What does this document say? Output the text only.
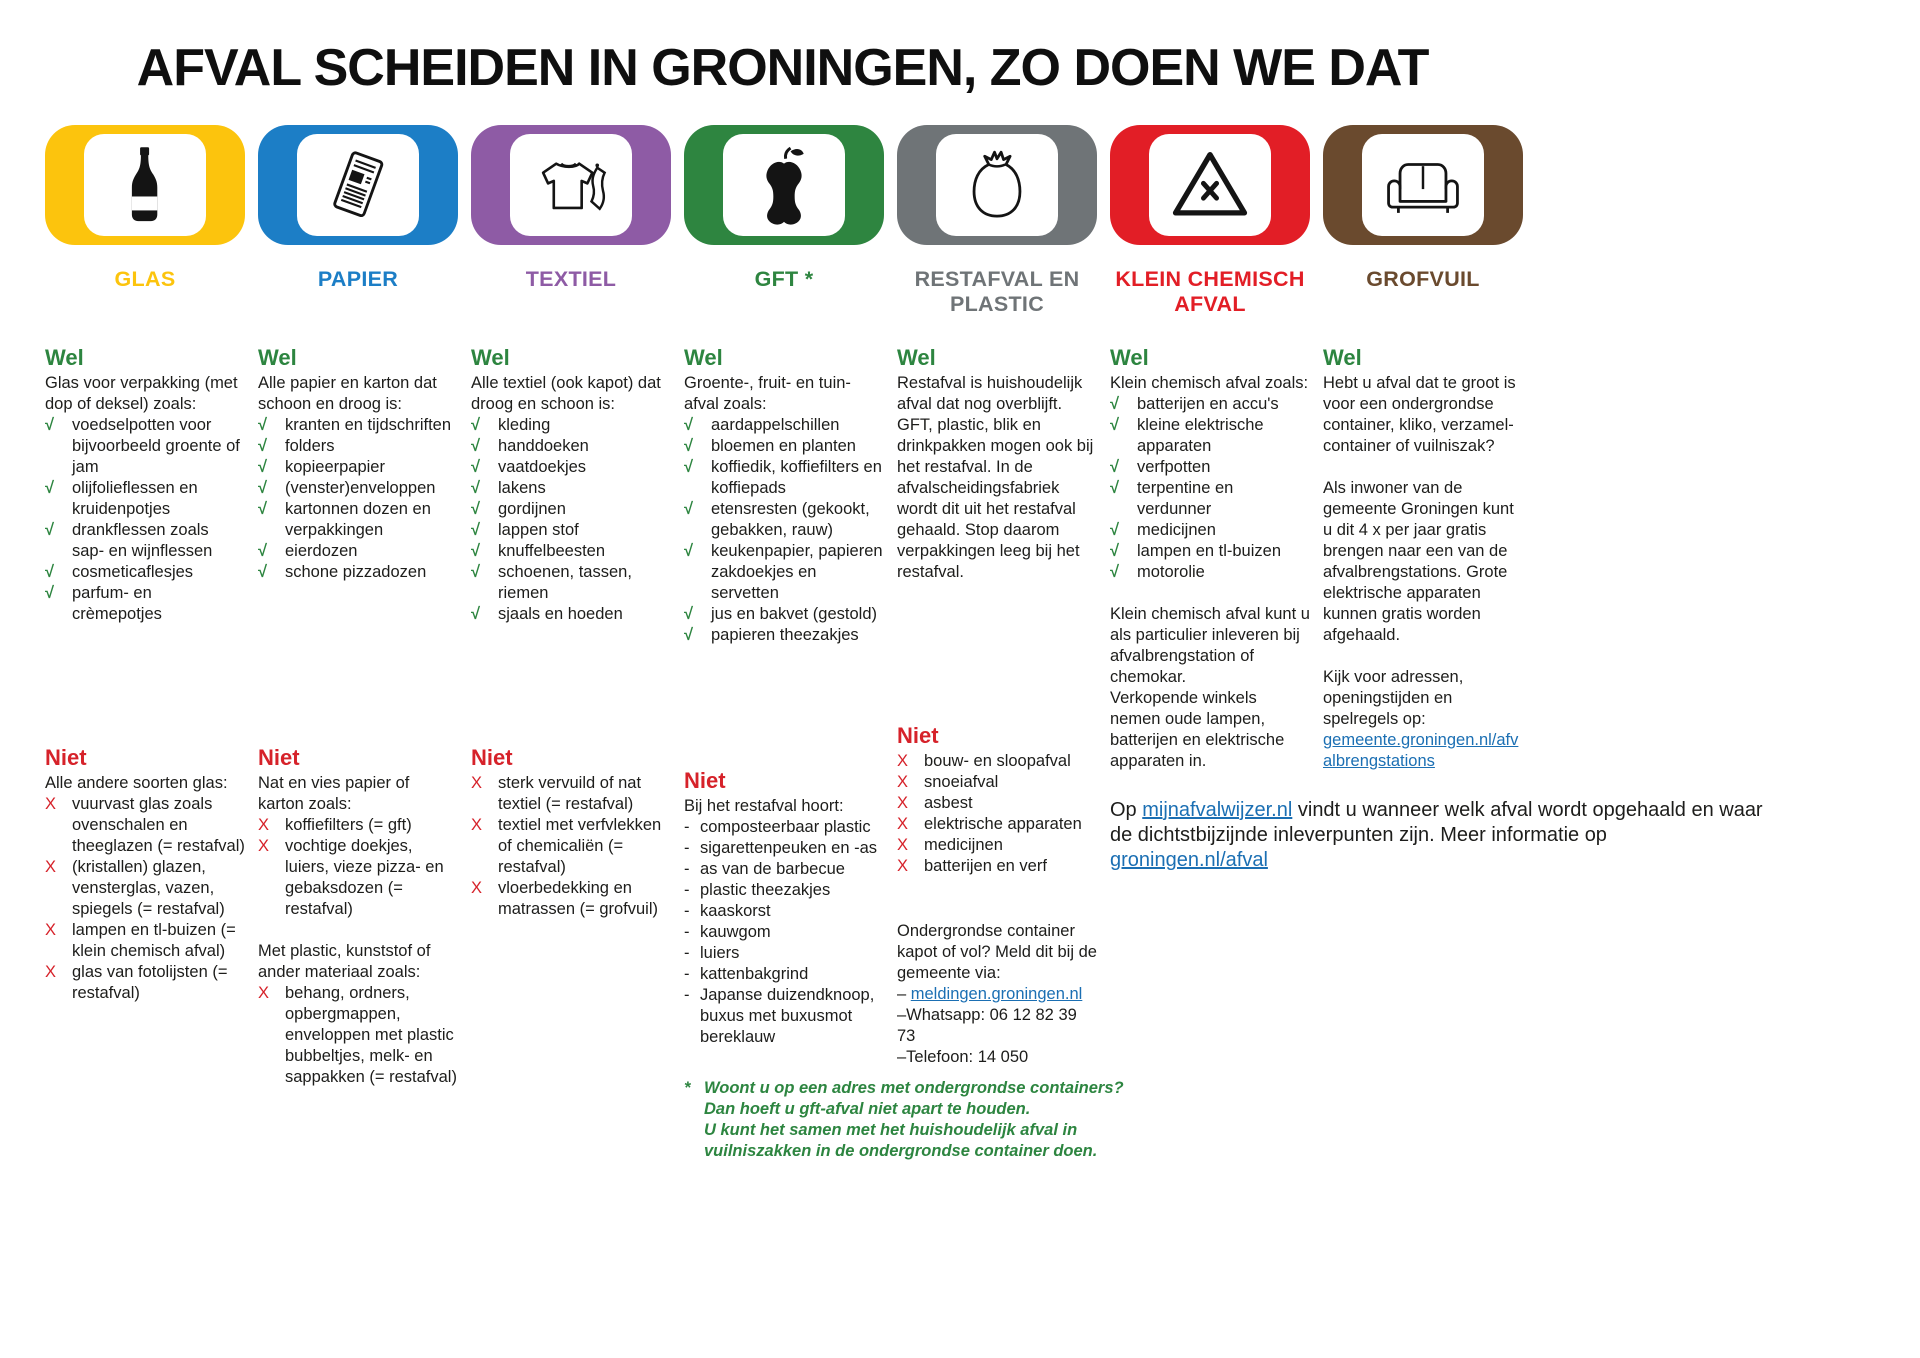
AFVAL SCHEIDEN IN GRONINGEN, ZO DOEN WE DAT
GLAS
Wel

Glas voor verpakking (met dop of deksel) zoals:

√	voedselpotten voor bijvoorbeeld groente of jam
√	olijfolieflessen en kruidenpotjes
√	drankflessen zoals sap- en wijnflessen
√	cosmeticaflesjes
√	parfum- en crèmepotjes
Niet

Alle andere soorten glas:

X vuurvast glas zoals ovenschalen en theeglazen (= restafval)
X (kristallen) glazen, vensterglas, vazen, spiegels (= restafval)
X lampen en tl-buizen (= klein chemisch afval)
X glas van fotolijsten (= restafval)
PAPIER
Wel

Alle papier en karton dat schoon en droog is:

√	kranten en tijdschriften
√	folders
√	kopieerpapier
√	(venster)enveloppen
√	kartonnen dozen en verpakkingen
√	eierdozen
√	schone pizzadozen
Niet

Nat en vies papier of karton zoals:

X koffiefilters (= gft)
X vochtige doekjes, luiers, vieze pizza- en gebaksdozen (= restafval)

Met plastic, kunststof of ander materiaal zoals:

X behang, ordners, opbergmappen, enveloppen met plastic bubbeltjes, melk- en sappakken (= restafval)
TEXTIEL
Wel

Alle textiel (ook kapot) dat droog en schoon is:

√	kleding
√	handdoeken
√	vaatdoekjes
√	lakens
√	gordijnen
√	lappen stof
√	knuffelbeesten
√	schoenen, tassen, riemen
√	sjaals en hoeden
Niet
X sterk vervuild of nat textiel (= restafval)
X textiel met verfvlekken of chemicaliën (= restafval)
X vloerbedekking en matrassen (= grofvuil)
GFT *
Wel

Groente-, fruit- en tuin-afval zoals:

√	aardappelschillen
√	bloemen en planten
√	koffiedik, koffiefilters en koffiepads
√	etensresten (gekookt, gebakken, rauw)
√	keukenpapier, papieren zakdoekjes en servetten
√	jus en bakvet (gestold)
√	papieren theezakjes
Niet

Bij het restafval hoort:

- composteerbaar plastic
- sigarettenpeuken en -as
- as van de barbecue
- plastic theezakjes
- kaaskorst
- kauwgom
- luiers
- kattenbakgrind
- Japanse duizendknoop, buxus met buxusmot bereklauw
* Woont u op een adres met ondergrondse containers?

Dan hoeft u gft-afval niet apart te houden.

U kunt het samen met het huishoudelijk afval in vuilniszakken in de ondergrondse container doen.

RESTAFVAL EN
PLASTIC
Wel

Restafval is huishoudelijk afval dat nog overblijft. GFT, plastic, blik en drinkpakken mogen ook bij het restafval. In de afvalscheidingsfabriek wordt dit uit het restafval gehaald. Stop daarom verpakkingen leeg bij het restafval.

Niet
X bouw- en sloopafval
X snoeiafval
X asbest
X elektrische apparaten
X medicijnen
X batterijen en verf

Ondergrondse container kapot of vol? Meld dit bij de gemeente via:

– meldingen.groningen.nl

–Whatsapp: 06 12 82 39 73

–Telefoon: 14 050

KLEIN CHEMISCH
AFVAL
Wel

Klein chemisch afval zoals:

√	batterijen en accu's
√	kleine elektrische apparaten
√	verfpotten
√	terpentine en verdunner
√	medicijnen
√	lampen en tl-buizen
√	motorolie

Klein chemisch afval kunt u als particulier inleveren bij afvalbrengstation of chemokar.

Verkopende winkels nemen oude lampen, batterijen en elektrische apparaten in.

Op mijnafvalwijzer.nl vindt u wanneer welk afval wordt opgehaald en waar de dichtstbijzijnde inleverpunten zijn. Meer informatie op groningen.nl/afval

GROFVUIL
Wel

Hebt u afval dat te groot is voor een ondergrondse container, kliko, verzamel-container of vuilniszak?

Als inwoner van de gemeente Groningen kunt u dit 4 x per jaar gratis brengen naar een van de afvalbrengstations. Grote elektrische apparaten kunnen gratis worden afgehaald.

Kijk voor adressen, openingstijden en spelregels op: gemeente.groningen.nl/afvalbrengstations
